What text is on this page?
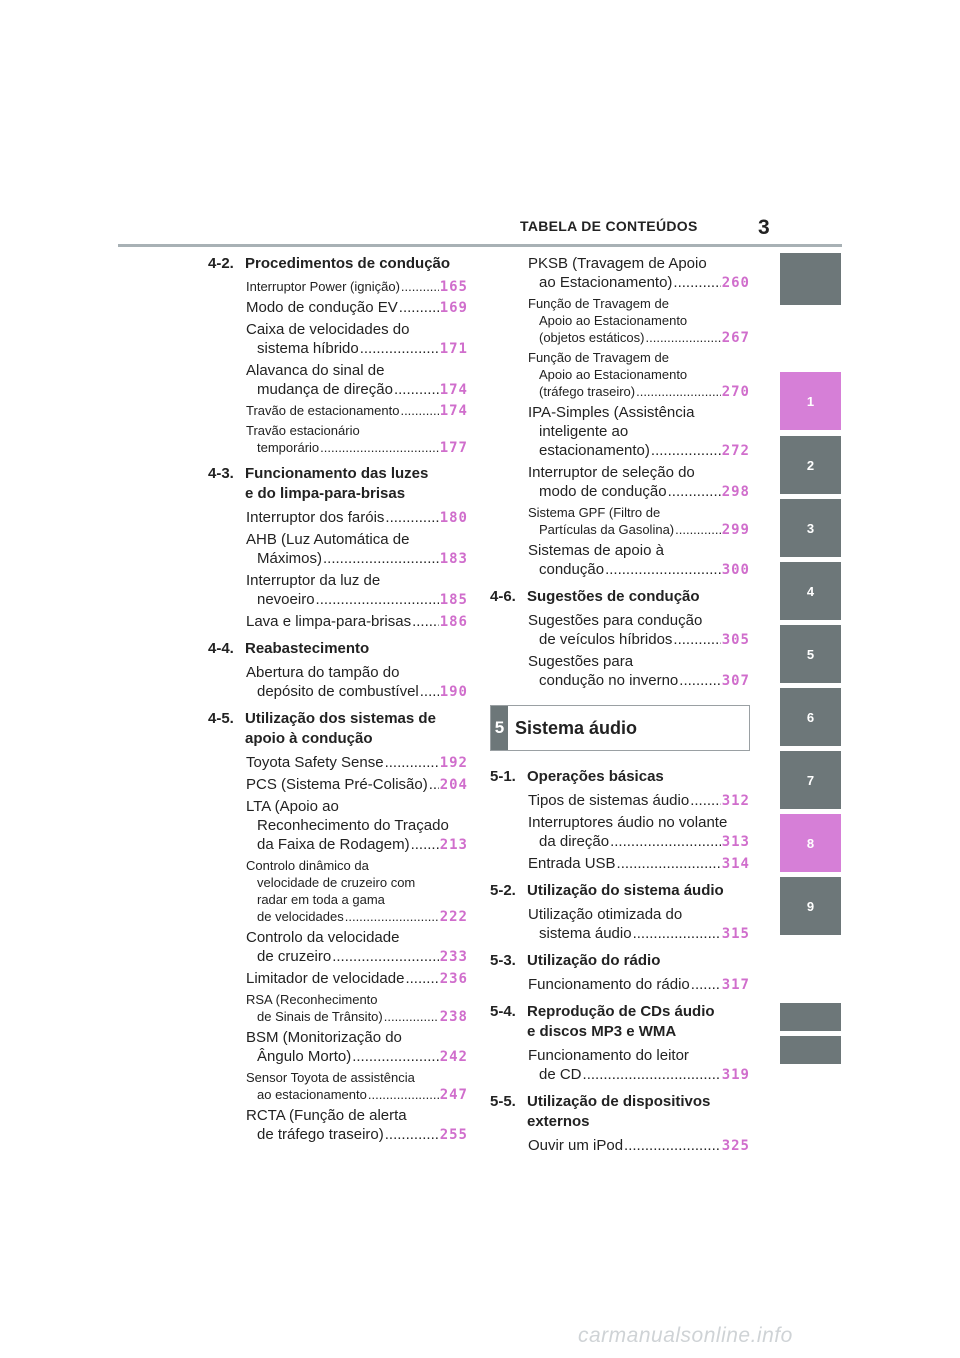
TABELA DE CONTEÚDOS	3
4-2. Procedimentos de condução
Interruptor Power (ignição) .....	165
Modo de condução EV .....	169
Caixa de velocidades do
sistema híbrido .....	171
Alavanca do sinal de
mudança de direção .....	174
Travão de estacionamento .....	174
Travão estacionário
temporário .....	177
4-3. Funcionamento das luzes
e do limpa-para-brisas
Interruptor dos faróis .....	180
AHB (Luz Automática de
Máximos) .....	183
Interruptor da luz de
nevoeiro .....	185
Lava e limpa-para-brisas ..... 186
4-4. Reabastecimento
Abertura do tampão do
depósito de combustível ..... 190
4-5. Utilização dos sistemas de
apoio à condução
Toyota Safety Sense .....	192
PCS (Sistema Pré-Colisão) ..... 204
LTA (Apoio ao
Reconhecimento do Traçado
da Faixa de Rodagem) ..... 213
Controlo dinâmico da
velocidade de cruzeiro com
radar em toda a gama
de velocidades .....	222
Controlo da velocidade
de cruzeiro .....	233
Limitador de velocidade .....	236
RSA (Reconhecimento
de Sinais de Trânsito) .....	238
BSM (Monitorização do
Ângulo Morto) .....	242
Sensor Toyota de assistência
ao estacionamento .....	247
RCTA (Função de alerta
de tráfego traseiro) .....	255
PKSB (Travagem de Apoio
ao Estacionamento) .....	260
Função de Travagem de
Apoio ao Estacionamento
(objetos estáticos) .....	267
Função de Travagem de
Apoio ao Estacionamento
(tráfego traseiro) .....	270
IPA-Simples (Assistência
inteligente ao
estacionamento) .....	272
Interruptor de seleção do
modo de condução .....	298
Sistema GPF (Filtro de
Partículas da Gasolina) .....	299
Sistemas de apoio à
condução .....	300
4-6. Sugestões de condução
Sugestões para condução
de veículos híbridos .....	305
Sugestões para
condução no inverno .....	307
5 Sistema áudio
5-1. Operações básicas
Tipos de sistemas áudio ..... 312
Interruptores áudio no volante
da direção .....	313
Entrada USB .....	314
5-2. Utilização do sistema áudio
Utilização otimizada do
sistema áudio .....	315
5-3. Utilização do rádio
Funcionamento do rádio ..... 317
5-4. Reprodução de CDs áudio
e discos MP3 e WMA
Funcionamento do leitor
de CD .....	319
5-5. Utilização de dispositivos
externos
Ouvir um iPod .....	325
1
2
3
4
5
6
7
8
9
carmanualsonline.info
